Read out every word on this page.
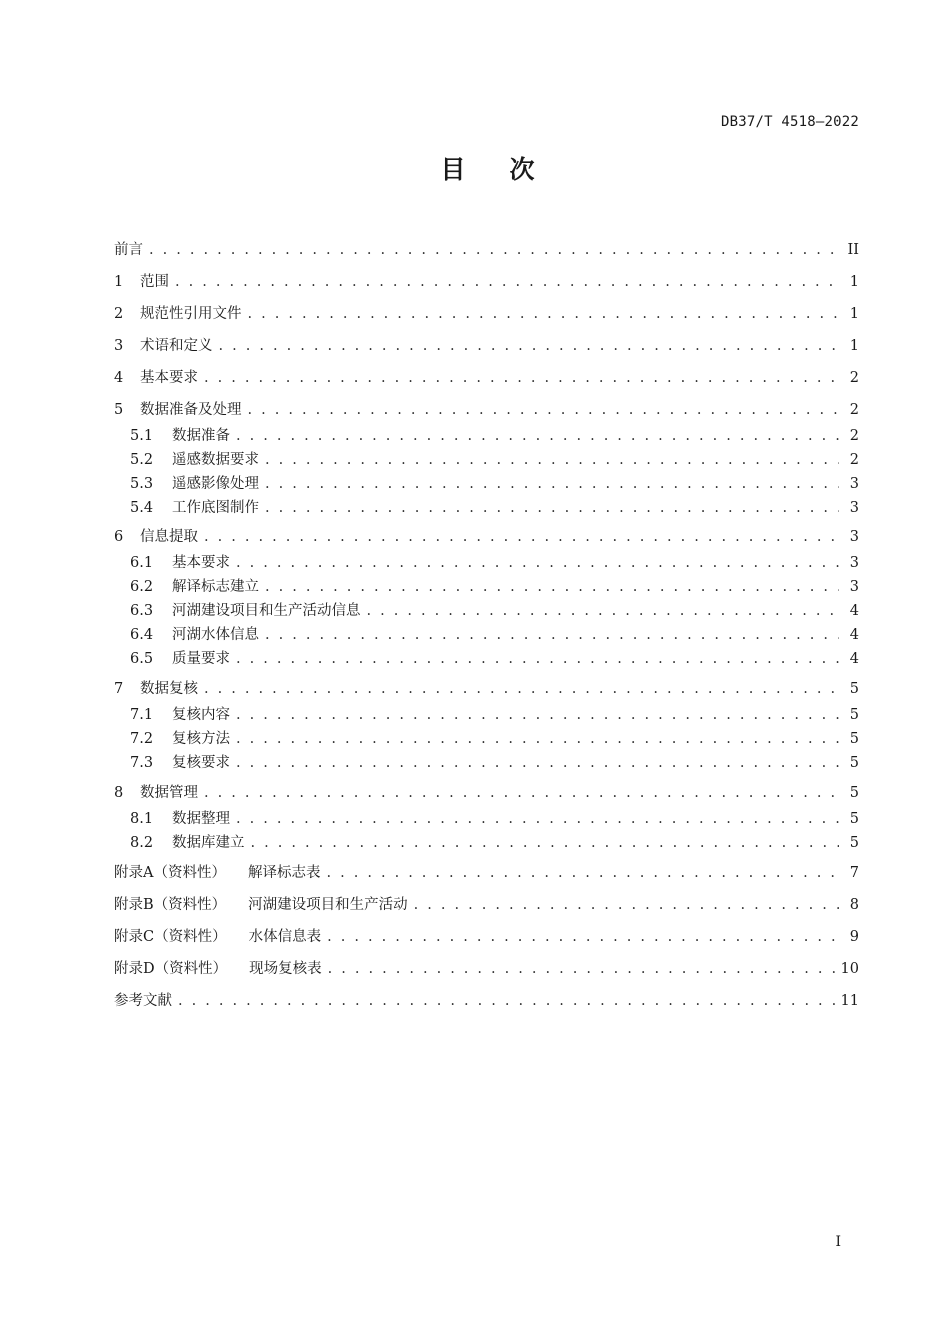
DB37/T 4518—2022
目 次
前言 . . .	II
1	范围 . . .	1
2	规范性引用文件 . . .	1
3	术语和定义 . . .	1
4	基本要求 . . .	2
5	数据准备及处理 . . .	2
5.1	数据准备 . . .	2
5.2	遥感数据要求 . . .	2
5.3	遥感影像处理 . . .	3
5.4	工作底图制作 . . .	3
6	信息提取 . . .	3
6.1	基本要求 . . .	3
6.2	解译标志建立 . . .	3
6.3	河湖建设项目和生产活动信息 . . .	4
6.4	河湖水体信息 . . .	4
6.5	质量要求 . . .	4
7	数据复核 . . .	5
7.1	复核内容 . . .	5
7.2	复核方法 . . .	5
7.3	复核要求 . . .	5
8	数据管理 . . .	5
8.1	数据整理 . . .	5
8.2	数据库建立 . . .	5
附录A（资料性） 解译标志表 . . .	7
附录B（资料性） 河湖建设项目和生产活动 . . .	8
附录C（资料性） 水体信息表 . . .	9
附录D（资料性） 现场复核表 . . .	10
参考文献 . . .	11
I
